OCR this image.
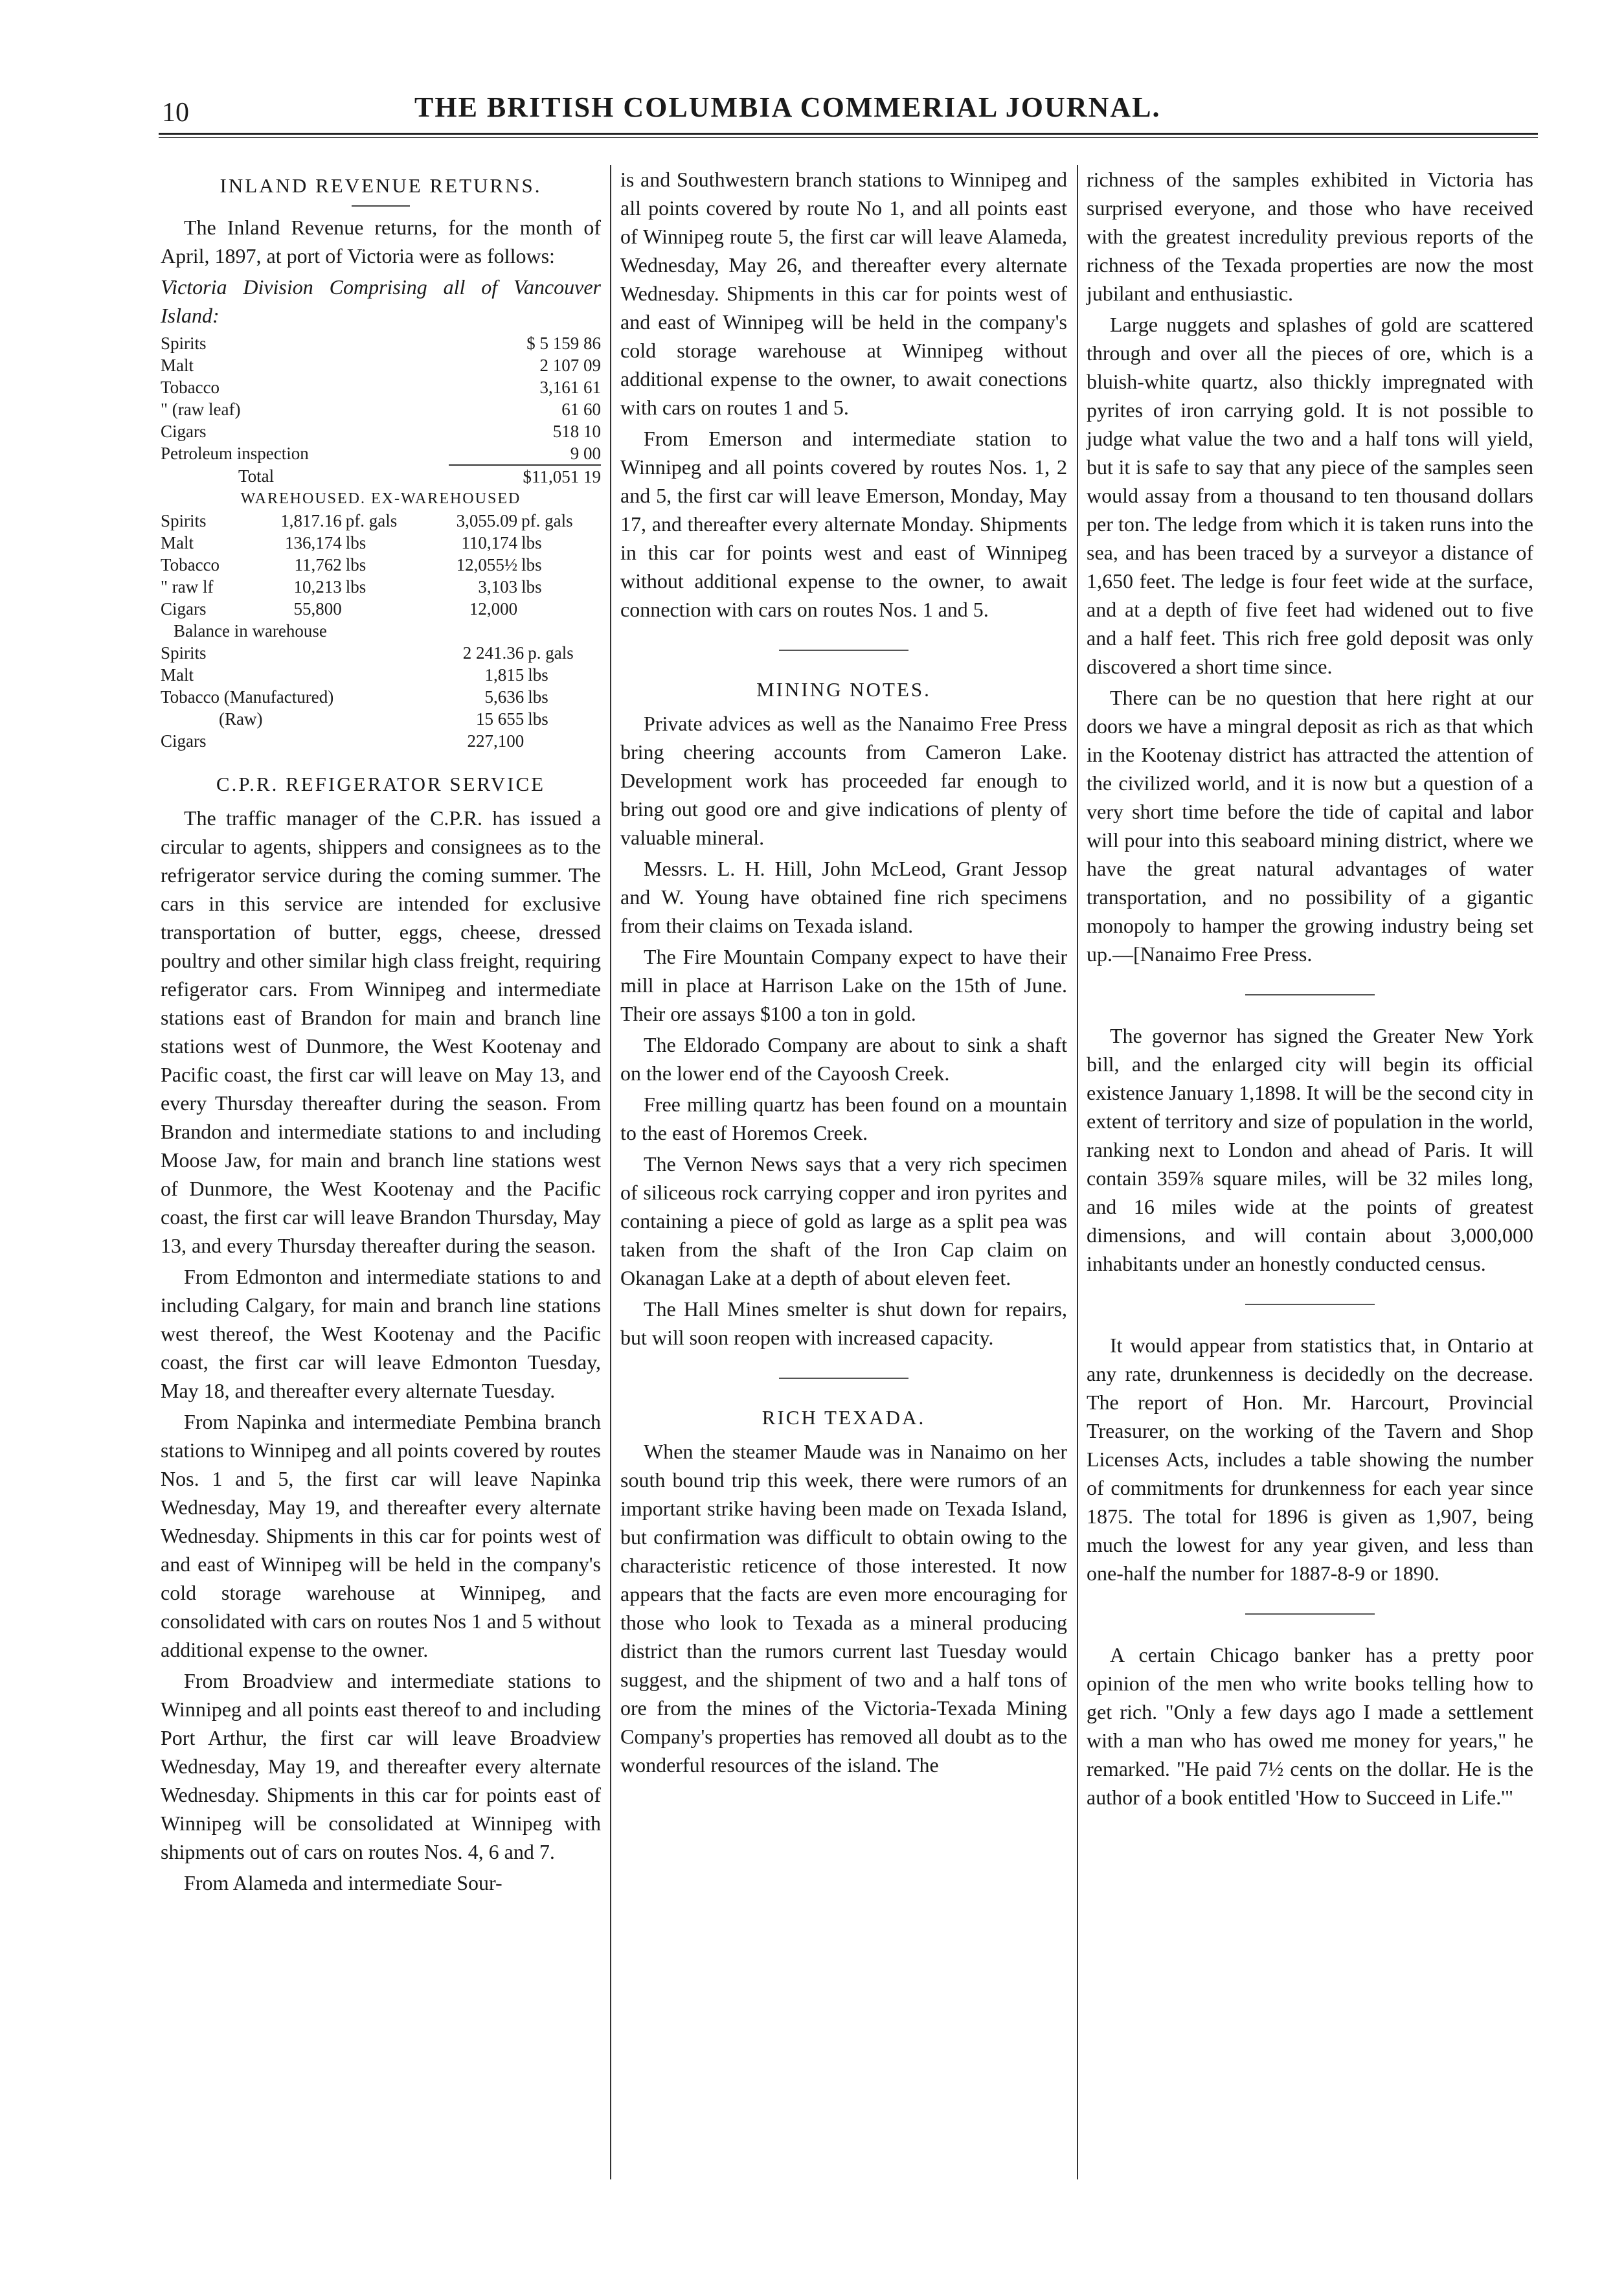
10	THE BRITISH COLUMBIA COMMERIAL JOURNAL.
INLAND REVENUE RETURNS.

The Inland Revenue returns, for the month of April, 1897, at port of Victoria were as follows:

Victoria Division Comprising all of Vancouver Island:

Spirits	$ 5 159 86
Malt	2 107 09
Tobacco	3,161 61
" (raw leaf)	61 60
Cigars	518 10
Petroleum inspection	9 00
Total	$11,051 19
WAREHOUSED. EX-WAREHOUSED
Spirits	1,817.16	pf. gals	3,055.09	pf. gals
Malt	136,174	lbs	110,174	lbs
Tobacco	11,762	lbs	12,055½	lbs
" raw lf	10,213	lbs	3,103	lbs
Cigars	55,800		12,000	
Balance in warehouse
Spirits	2 241.36	p. gals
Malt	1,815	lbs
Tobacco (Manufactured)	5,636	lbs
(Raw)	15 655	lbs
Cigars	227,100	
C.P.R. REFIGERATOR SERVICE

The traffic manager of the C.P.R. has issued a circular to agents, shippers and consignees as to the refrigerator service during the coming summer. The cars in this service are intended for exclusive transportation of butter, eggs, cheese, dressed poultry and other similar high class freight, requiring refigerator cars. From Winnipeg and intermediate stations east of Brandon for main and branch line stations west of Dunmore, the West Kootenay and Pacific coast, the first car will leave on May 13, and every Thursday thereafter during the season. From Brandon and intermediate stations to and including Moose Jaw, for main and branch line stations west of Dunmore, the West Kootenay and the Pacific coast, the first car will leave Brandon Thursday, May 13, and every Thursday thereafter during the season.

From Edmonton and intermediate stations to and including Calgary, for main and branch line stations west thereof, the West Kootenay and the Pacific coast, the first car will leave Edmonton Tuesday, May 18, and thereafter every alternate Tuesday.

From Napinka and intermediate Pembina branch stations to Winnipeg and all points covered by routes Nos. 1 and 5, the first car will leave Napinka Wednesday, May 19, and thereafter every alternate Wednesday. Shipments in this car for points west of and east of Winnipeg will be held in the company's cold storage warehouse at Winnipeg, and consolidated with cars on routes Nos 1 and 5 without additional expense to the owner.

From Broadview and intermediate stations to Winnipeg and all points east thereof to and including Port Arthur, the first car will leave Broadview Wednesday, May 19, and thereafter every alternate Wednesday. Shipments in this car for points east of Winnipeg will be consolidated at Winnipeg with shipments out of cars on routes Nos. 4, 6 and 7.

From Alameda and intermediate Sour-

is and Southwestern branch stations to Winnipeg and all points covered by route No 1, and all points east of Winnipeg route 5, the first car will leave Alameda, Wednesday, May 26, and thereafter every alternate Wednesday. Shipments in this car for points west of and east of Winnipeg will be held in the company's cold storage warehouse at Winnipeg without additional expense to the owner, to await conections with cars on routes 1 and 5.

From Emerson and intermediate station to Winnipeg and all points covered by routes Nos. 1, 2 and 5, the first car will leave Emerson, Monday, May 17, and thereafter every alternate Monday. Shipments in this car for points west and east of Winnipeg without additional expense to the owner, to await connection with cars on routes Nos. 1 and 5.

MINING NOTES.

Private advices as well as the Nanaimo Free Press bring cheering accounts from Cameron Lake. Development work has proceeded far enough to bring out good ore and give indications of plenty of valuable mineral.

Messrs. L. H. Hill, John McLeod, Grant Jessop and W. Young have obtained fine rich specimens from their claims on Texada island.

The Fire Mountain Company expect to have their mill in place at Harrison Lake on the 15th of June. Their ore assays $100 a ton in gold.

The Eldorado Company are about to sink a shaft on the lower end of the Cayoosh Creek.

Free milling quartz has been found on a mountain to the east of Horemos Creek.

The Vernon News says that a very rich specimen of siliceous rock carrying copper and iron pyrites and containing a piece of gold as large as a split pea was taken from the shaft of the Iron Cap claim on Okanagan Lake at a depth of about eleven feet.

The Hall Mines smelter is shut down for repairs, but will soon reopen with increased capacity.

RICH TEXADA.

When the steamer Maude was in Nanaimo on her south bound trip this week, there were rumors of an important strike having been made on Texada Island, but confirmation was difficult to obtain owing to the characteristic reticence of those interested. It now appears that the facts are even more encouraging for those who look to Texada as a mineral producing district than the rumors current last Tuesday would suggest, and the shipment of two and a half tons of ore from the mines of the Victoria-Texada Mining Company's properties has removed all doubt as to the wonderful resources of the island. The

richness of the samples exhibited in Victoria has surprised everyone, and those who have received with the greatest incredulity previous reports of the richness of the Texada properties are now the most jubilant and enthusiastic.

Large nuggets and splashes of gold are scattered through and over all the pieces of ore, which is a bluish-white quartz, also thickly impregnated with pyrites of iron carrying gold. It is not possible to judge what value the two and a half tons will yield, but it is safe to say that any piece of the samples seen would assay from a thousand to ten thousand dollars per ton. The ledge from which it is taken runs into the sea, and has been traced by a surveyor a distance of 1,650 feet. The ledge is four feet wide at the surface, and at a depth of five feet had widened out to five and a half feet. This rich free gold deposit was only discovered a short time since.

There can be no question that here right at our doors we have a mingral deposit as rich as that which in the Kootenay district has attracted the attention of the civilized world, and it is now but a question of a very short time before the tide of capital and labor will pour into this seaboard mining district, where we have the great natural advantages of water transportation, and no possibility of a gigantic monopoly to hamper the growing industry being set up.—[Nanaimo Free Press.

The governor has signed the Greater New York bill, and the enlarged city will begin its official existence January 1,1898. It will be the second city in extent of territory and size of population in the world, ranking next to London and ahead of Paris. It will contain 359⅞ square miles, will be 32 miles long, and 16 miles wide at the points of greatest dimensions, and will contain about 3,000,000 inhabitants under an honestly conducted census.

It would appear from statistics that, in Ontario at any rate, drunkenness is decidedly on the decrease. The report of Hon. Mr. Harcourt, Provincial Treasurer, on the working of the Tavern and Shop Licenses Acts, includes a table showing the number of commitments for drunkenness for each year since 1875. The total for 1896 is given as 1,907, being much the lowest for any year given, and less than one-half the number for 1887-8-9 or 1890.

A certain Chicago banker has a pretty poor opinion of the men who write books telling how to get rich. "Only a few days ago I made a settlement with a man who has owed me money for years," he remarked. "He paid 7½ cents on the dollar. He is the author of a book entitled 'How to Succeed in Life.'"
